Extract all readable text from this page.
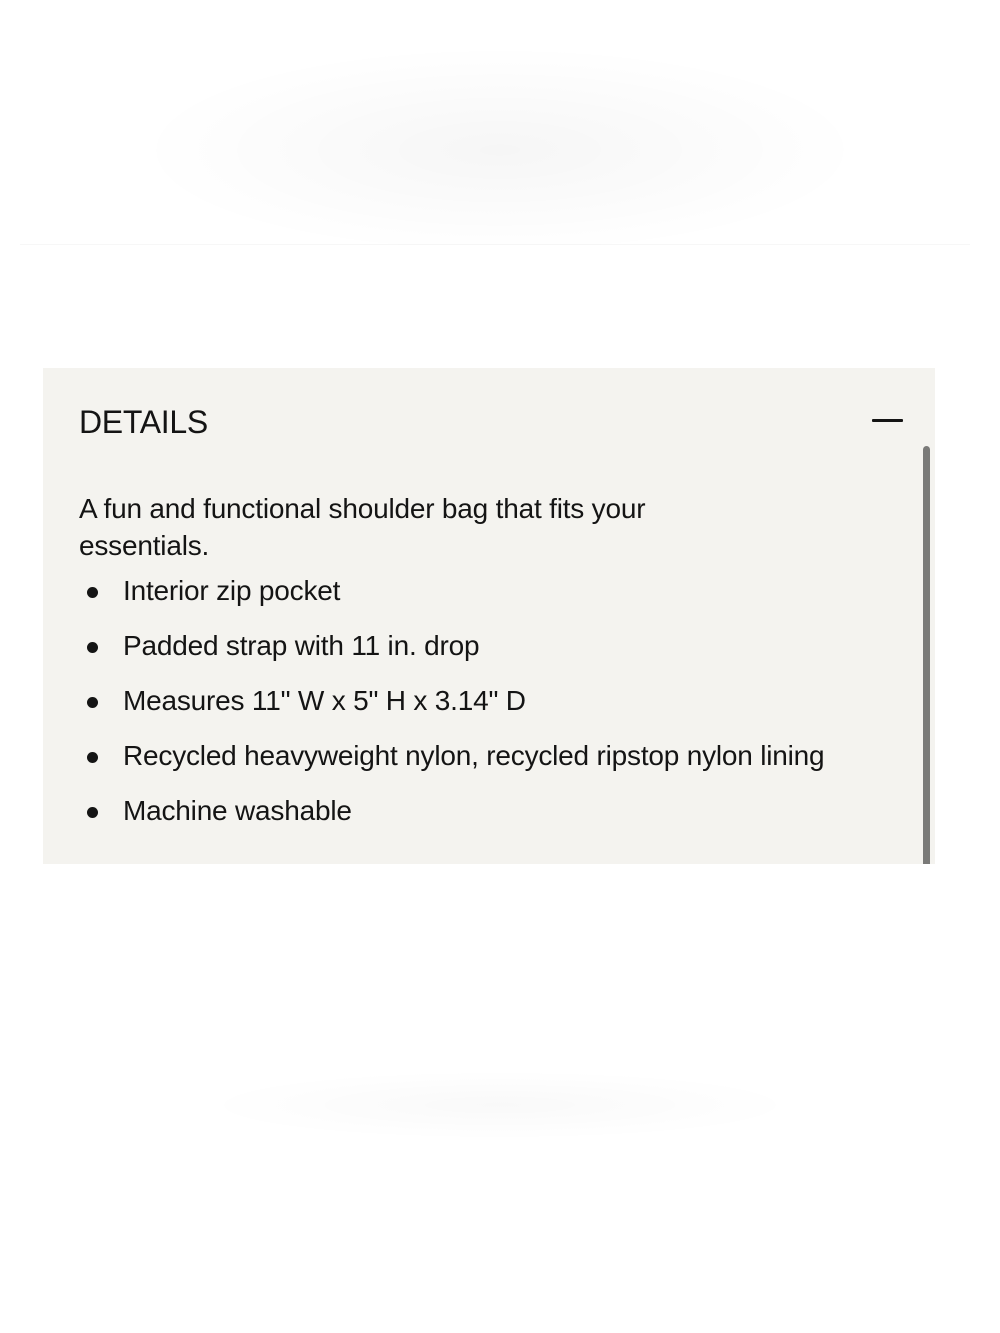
DETAILS

A fun and functional shoulder bag that fits your essentials.

Interior zip pocket
Padded strap with 11 in. drop
Measures 11" W x 5" H x 3.14" D
Recycled heavyweight nylon, recycled ripstop nylon lining
Machine washable
